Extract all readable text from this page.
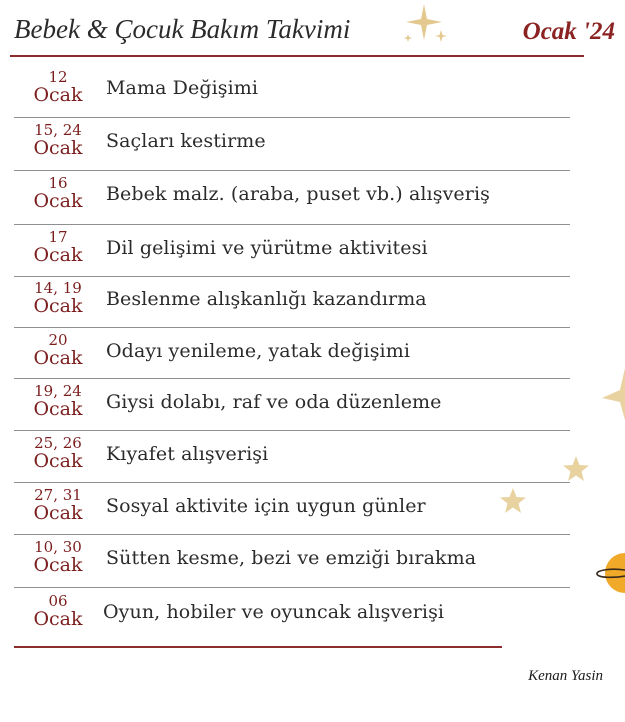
Bebek & Çocuk Bakım Takvimi	Ocak '24
12
Ocak	Mama Değişimi
15, 24
Ocak	Saçları kestirme
16
Ocak	Bebek malz. (araba, puset vb.) alışveriş
17
Ocak	Dil gelişimi ve yürütme aktivitesi
14, 19
Ocak	Beslenme alışkanlığı kazandırma
20
Ocak	Odayı yenileme, yatak değişimi
19, 24
Ocak	Giysi dolabı, raf ve oda düzenleme
25, 26
Ocak	Kıyafet alışverişi
27, 31
Ocak	Sosyal aktivite için uygun günler
10, 30
Ocak	Sütten kesme, bezi ve emziği bırakma
06
Ocak	Oyun, hobiler ve oyuncak alışverişi
Kenan Yasin
